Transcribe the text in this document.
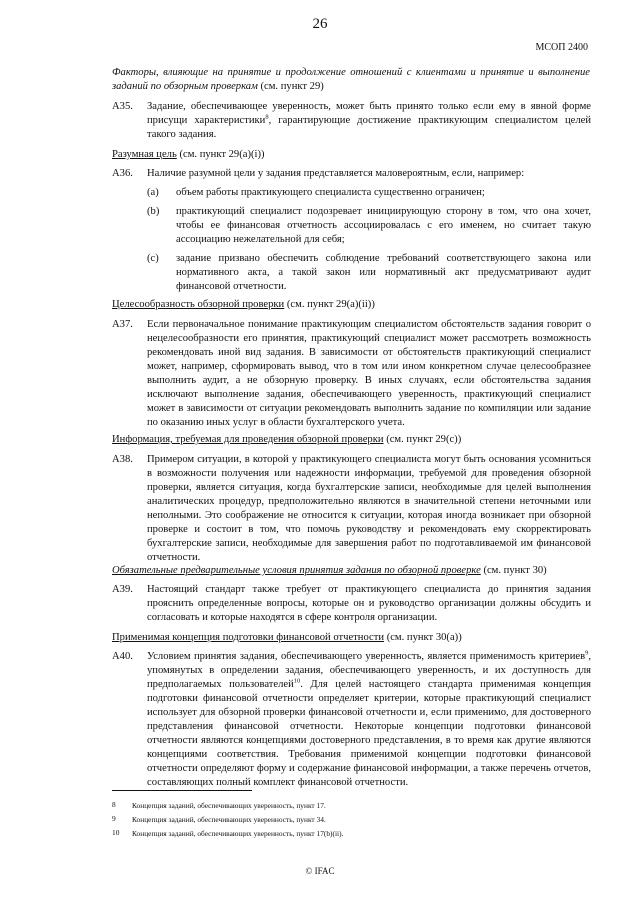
26
МСОП 2400

Факторы, влияющие на принятие и продолжение отношений с клиентами и принятие и выполнение заданий по обзорным проверкам (см. пункт 29)

A35. Задание, обеспечивающее уверенность, может быть принято только если ему в явной форме присущи характеристики$^8$, гарантирующие достижение практикующим специалистом целей такого задания.

Разумная цель (см. пункт 29(a)(i))

A36. Наличие разумной цели у задания представляется маловероятным, если, например:

(a) объем работы практикующего специалиста существенно ограничен;

(b) практикующий специалист подозревает инициирующую сторону в том, что она хочет, чтобы ее финансовая отчетность ассоциировалась с его именем, но считает такую ассоциацию нежелательной для себя;

(c) задание призвано обеспечить соблюдение требований соответствующего закона или нормативного акта, а такой закон или нормативный акт предусматривают аудит финансовой отчетности.

Целесообразность обзорной проверки (см. пункт 29(a)(ii))

A37. Если первоначальное понимание практикующим специалистом обстоятельств задания говорит о нецелесообразности его принятия, практикующий специалист может рассмотреть возможность рекомендовать иной вид задания. В зависимости от обстоятельств практикующий специалист может, например, сформировать вывод, что в том или ином конкретном случае целесообразнее выполнить аудит, а не обзорную проверку. В иных случаях, если обстоятельства задания исключают выполнение задания, обеспечивающего уверенность, практикующий специалист может в зависимости от ситуации рекомендовать выполнить задание по компиляции или задание по оказанию иных услуг в области бухгалтерского учета.

Информация, требуемая для проведения обзорной проверки (см. пункт 29(c))

A38. Примером ситуации, в которой у практикующего специалиста могут быть основания усомниться в возможности получения или надежности информации, требуемой для проведения обзорной проверки, является ситуация, когда бухгалтерские записи, необходимые для целей выполнения аналитических процедур, предположительно являются в значительной степени неточными или неполными. Это соображение не относится к ситуации, которая иногда возникает при обзорной проверке и состоит в том, что помочь руководству и рекомендовать ему скорректировать бухгалтерские записи, необходимые для завершения работ по подготавливаемой им финансовой отчетности.

Обязательные предварительные условия принятия задания по обзорной проверке (см. пункт 30)

A39. Настоящий стандарт также требует от практикующего специалиста до принятия задания прояснить определенные вопросы, которые он и руководство организации должны обсудить и согласовать и которые находятся в сфере контроля организации.

Применимая концепция подготовки финансовой отчетности (см. пункт 30(a))

A40. Условием принятия задания, обеспечивающего уверенность, является применимость критериев$^9$, упомянутых в определении задания, обеспечивающего уверенность, и их доступность для предполагаемых пользователей$^{10}$. Для целей настоящего стандарта применимая концепция подготовки финансовой отчетности определяет критерии, которые практикующий специалист использует для обзорной проверки финансовой отчетности и, если применимо, для достоверного представления финансовой отчетности. Некоторые концепции подготовки финансовой отчетности являются концепциями достоверного представления, в то время как другие являются концепциями соответствия. Требования применимой концепции подготовки финансовой отчетности определяют форму и содержание финансовой информации, а также перечень отчетов, составляющих полный комплект финансовой отчетности.

8 Концепция заданий, обеспечивающих уверенность, пункт 17.
9 Концепция заданий, обеспечивающих уверенность, пункт 34.
10 Концепция заданий, обеспечивающих уверенность, пункт 17(b)(ii).
© IFAC
